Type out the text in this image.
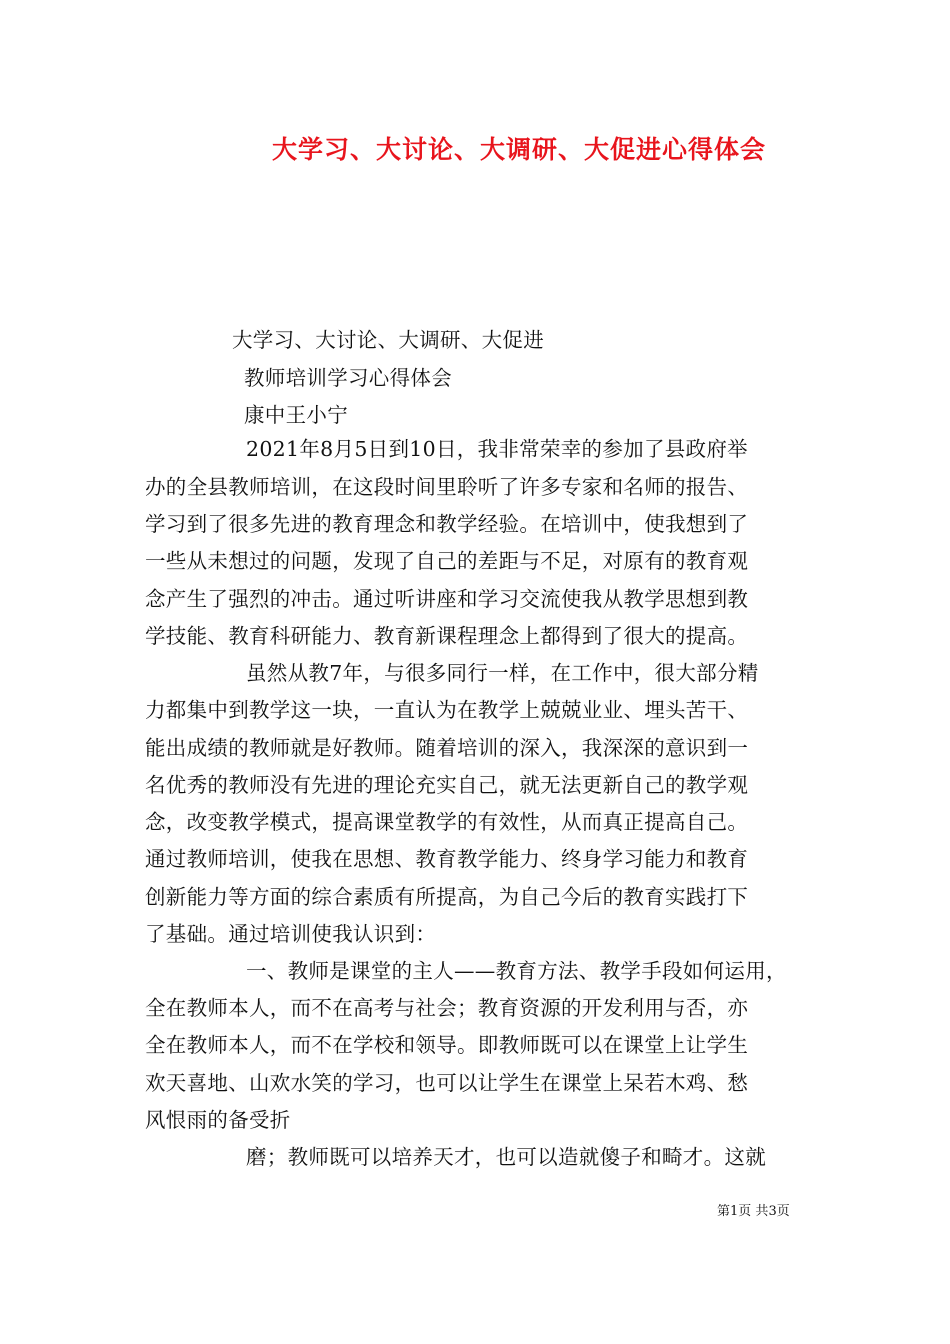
大学习、大讨论、大调研、大促进心得体会
大学习、大讨论、大调研、大促进
教师培训学习心得体会
康中王小宁
2021年8月5日到10日，我非常荣幸的参加了县政府举
办的全县教师培训，在这段时间里聆听了许多专家和名师的报告、
学习到了很多先进的教育理念和教学经验。在培训中，使我想到了
一些从未想过的问题，发现了自己的差距与不足，对原有的教育观
念产生了强烈的冲击。通过听讲座和学习交流使我从教学思想到教
学技能、教育科研能力、教育新课程理念上都得到了很大的提高。
虽然从教7年，与很多同行一样，在工作中，很大部分精
力都集中到教学这一块，一直认为在教学上兢兢业业、埋头苦干、
能出成绩的教师就是好教师。随着培训的深入，我深深的意识到一
名优秀的教师没有先进的理论充实自己，就无法更新自己的教学观
念，改变教学模式，提高课堂教学的有效性，从而真正提高自己。
通过教师培训，使我在思想、教育教学能力、终身学习能力和教育
创新能力等方面的综合素质有所提高，为自己今后的教育实践打下
了基础。通过培训使我认识到：
一、教师是课堂的主人——教育方法、教学手段如何运用，
全在教师本人，而不在高考与社会；教育资源的开发利用与否，亦
全在教师本人，而不在学校和领导。即教师既可以在课堂上让学生
欢天喜地、山欢水笑的学习，也可以让学生在课堂上呆若木鸡、愁
风恨雨的备受折
磨；教师既可以培养天才，也可以造就傻子和畸才。这就
第1页 共3页
